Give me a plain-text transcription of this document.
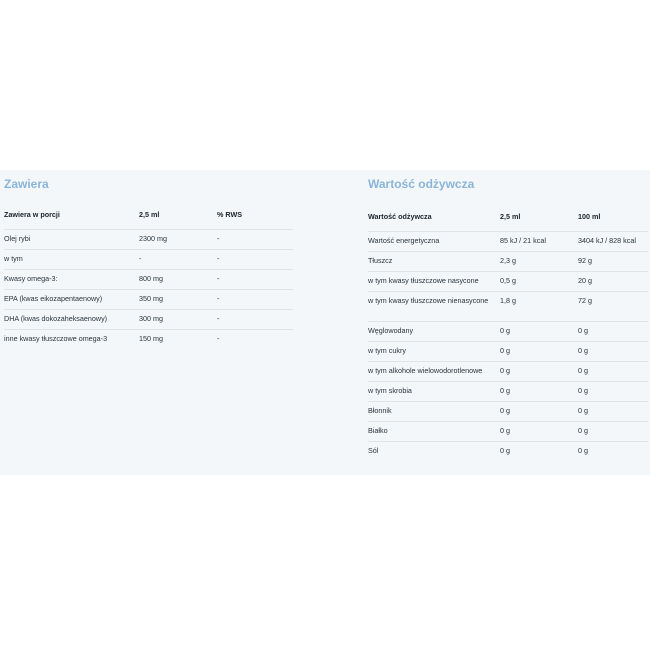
Zawiera
Zawiera w porcji	2,5 ml	% RWS
Olej rybi	2300 mg	-
w tym	-	-
Kwasy omega-3:	800 mg	-
EPA (kwas eikozapentaenowy)	350 mg	-
DHA (kwas dokozaheksaenowy)	300 mg	-
inne kwasy tłuszczowe omega-3	150 mg	-
Wartość odżywcza
Wartość odżywcza	2,5 ml	100 ml
Wartość energetyczna	85 kJ / 21 kcal	3404 kJ / 828 kcal
Tłuszcz	2,3 g	92 g
w tym kwasy tłuszczowe nasycone	0,5 g	20 g
w tym kwasy tłuszczowe nienasycone	1,8 g	72 g
Węglowodany	0 g	0 g
w tym cukry	0 g	0 g
w tym alkohole wielowodorotlenowe	0 g	0 g
w tym skrobia	0 g	0 g
Błonnik	0 g	0 g
Białko	0 g	0 g
Sól	0 g	0 g
